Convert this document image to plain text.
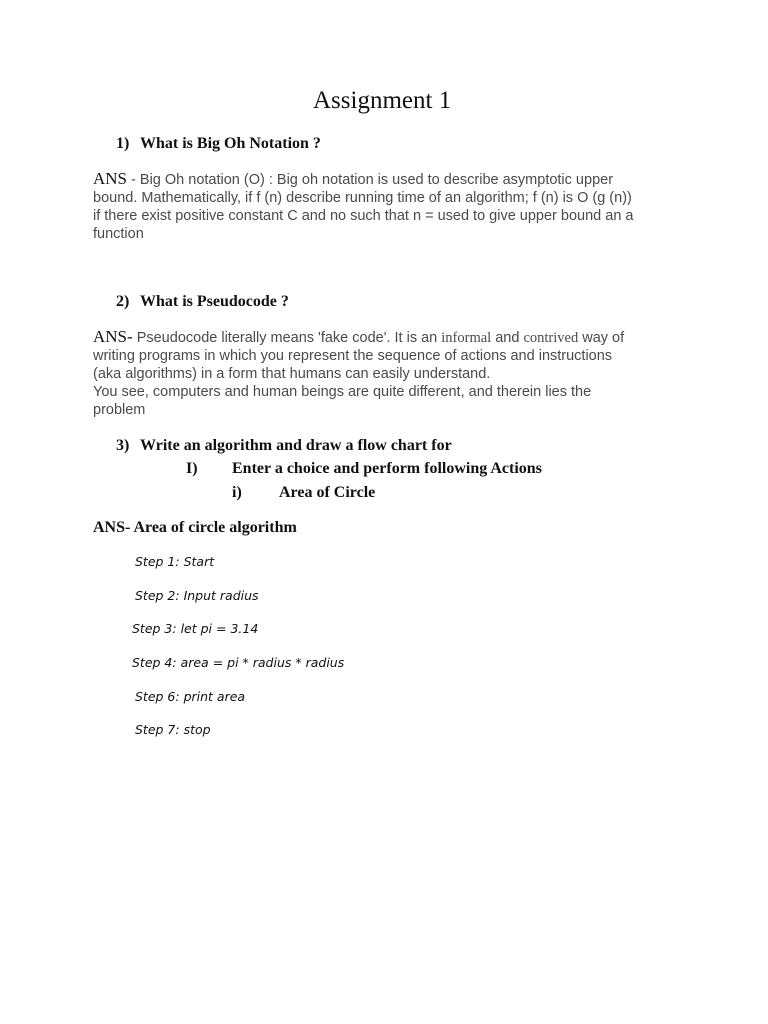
Assignment 1
1) What is Big Oh Notation ?
ANS - Big Oh notation (O) : Big oh notation is used to describe asymptotic upper
bound. Mathematically, if f (n) describe running time of an algorithm; f (n) is O (g (n))
if there exist positive constant C and no such that n = used to give upper bound an a
function
2) What is Pseudocode ?
ANS- Pseudocode literally means 'fake code'. It is an informal and contrived way of
writing programs in which you represent the sequence of actions and instructions
(aka algorithms) in a form that humans can easily understand.
You see, computers and human beings are quite different, and therein lies the
problem
3) Write an algorithm and draw a flow chart for
I) Enter a choice and perform following Actions
i) Area of Circle
ANS- Area of circle algorithm
Step 1: Start
Step 2: Input radius
Step 3: let pi = 3.14
Step 4: area = pi * radius * radius
Step 6: print area
Step 7: stop
